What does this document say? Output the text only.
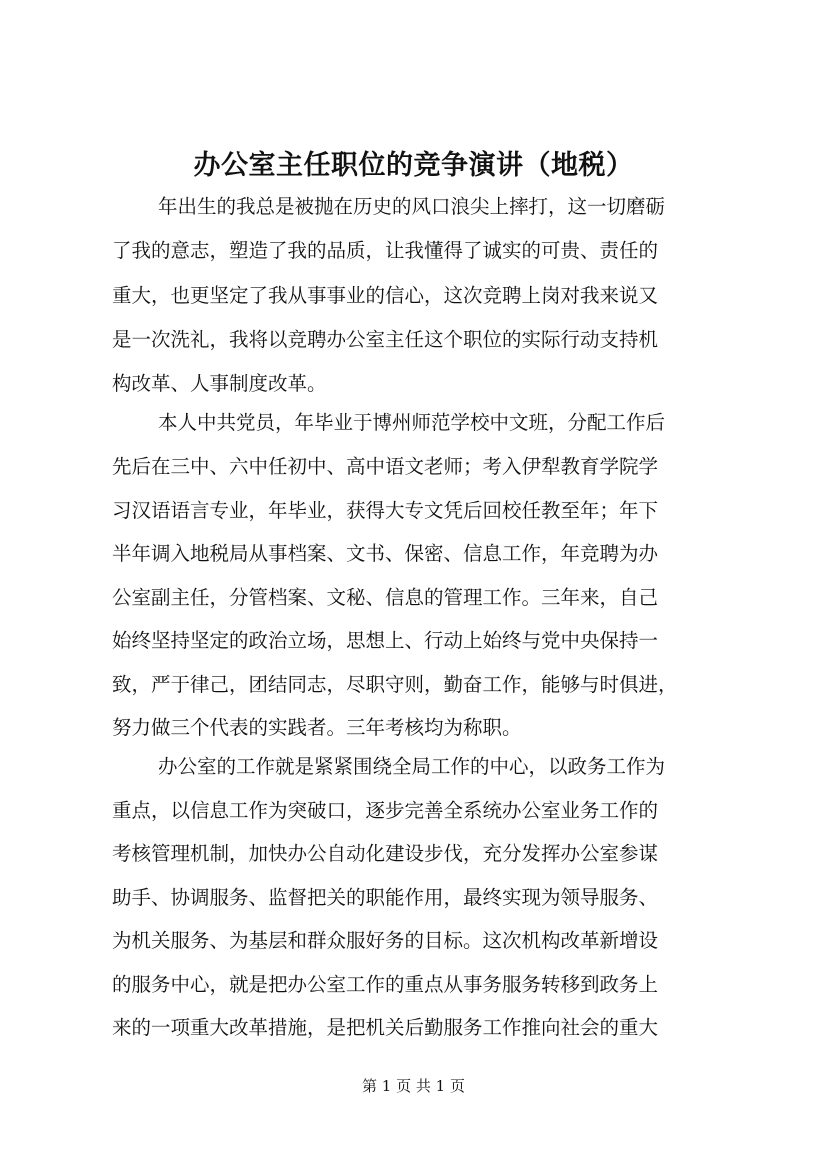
办公室主任职位的竞争演讲（地税）

年出生的我总是被抛在历史的风口浪尖上摔打，这一切磨砺

了我的意志，塑造了我的品质，让我懂得了诚实的可贵、责任的

重大，也更坚定了我从事事业的信心，这次竞聘上岗对我来说又

是一次洗礼，我将以竞聘办公室主任这个职位的实际行动支持机

构改革、人事制度改革。

本人中共党员，年毕业于博州师范学校中文班，分配工作后

先后在三中、六中任初中、高中语文老师；考入伊犁教育学院学

习汉语语言专业，年毕业，获得大专文凭后回校任教至年；年下

半年调入地税局从事档案、文书、保密、信息工作，年竞聘为办

公室副主任，分管档案、文秘、信息的管理工作。三年来，自己

始终坚持坚定的政治立场，思想上、行动上始终与党中央保持一

致，严于律己，团结同志，尽职守则，勤奋工作，能够与时俱进，

努力做三个代表的实践者。三年考核均为称职。

办公室的工作就是紧紧围绕全局工作的中心，以政务工作为

重点，以信息工作为突破口，逐步完善全系统办公室业务工作的

考核管理机制，加快办公自动化建设步伐，充分发挥办公室参谋

助手、协调服务、监督把关的职能作用，最终实现为领导服务、

为机关服务、为基层和群众服好务的目标。这次机构改革新增设

的服务中心，就是把办公室工作的重点从事务服务转移到政务上

来的一项重大改革措施，是把机关后勤服务工作推向社会的重大

第 1 页 共 1 页
